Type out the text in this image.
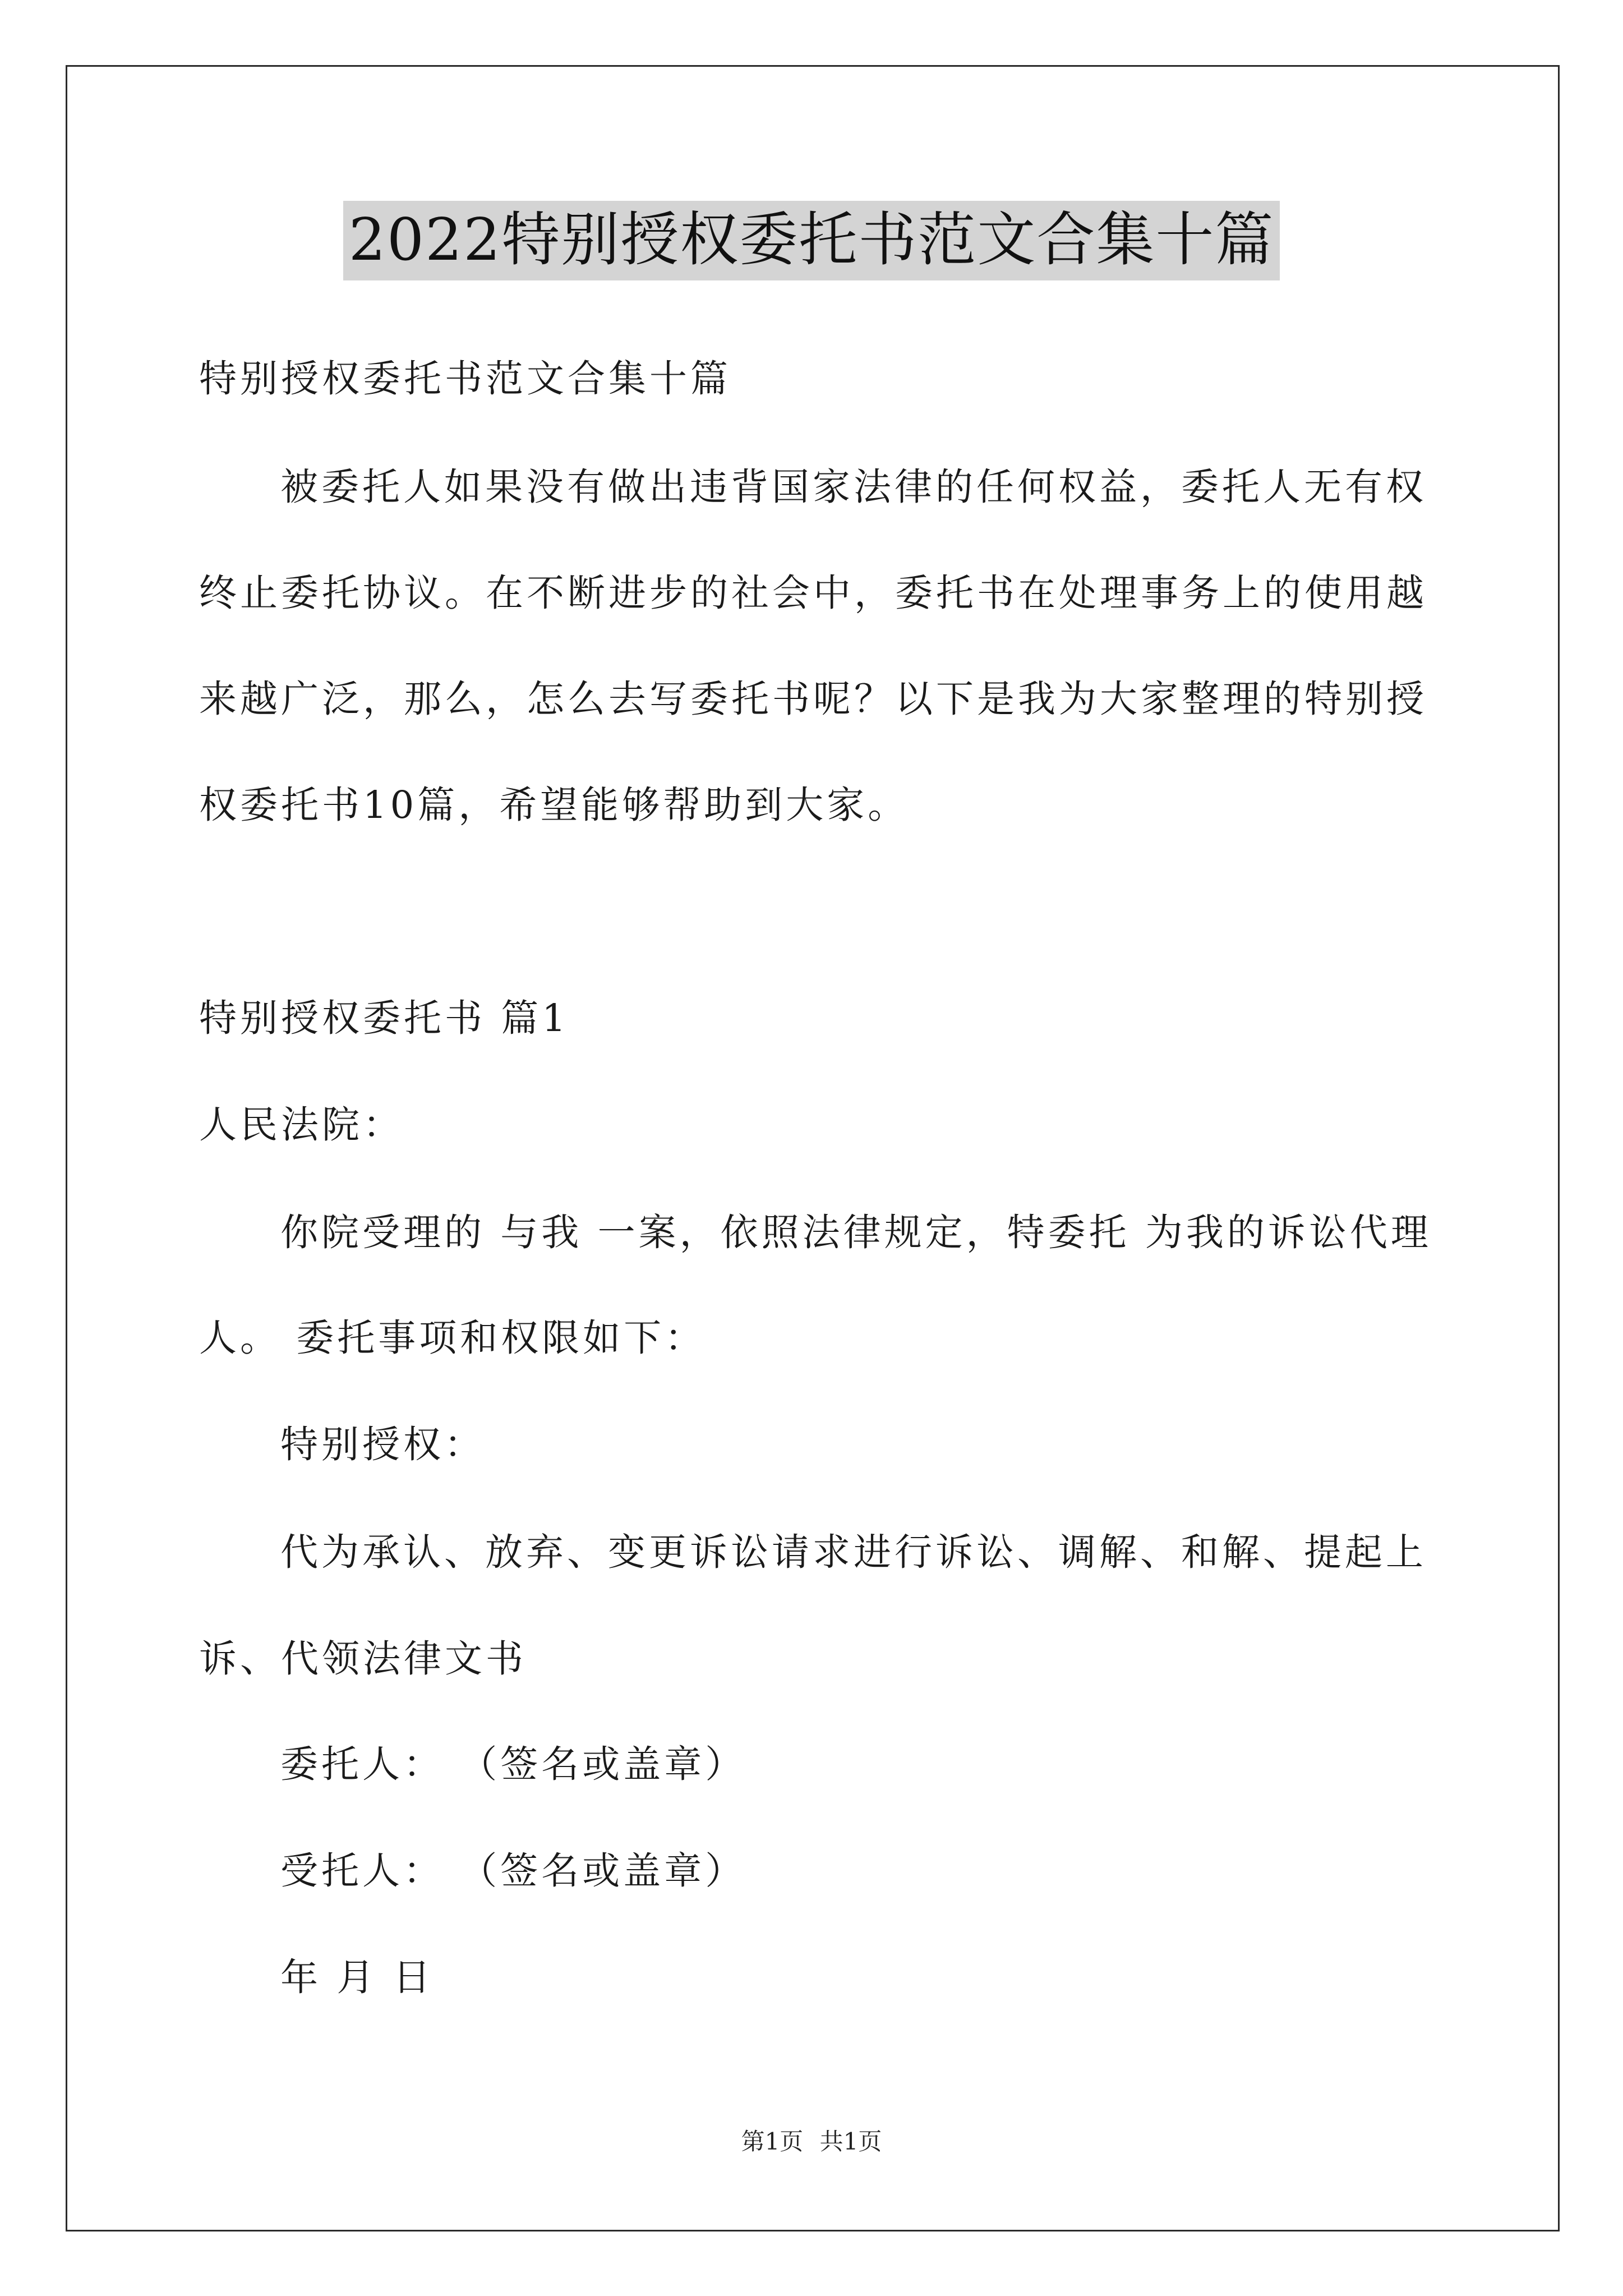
2022特别授权委托书范文合集十篇
特别授权委托书范文合集十篇
被委托人如果没有做出违背国家法律的任何权益，委托人无有权
终止委托协议。在不断进步的社会中，委托书在处理事务上的使用越
来越广泛，那么，怎么去写委托书呢？以下是我为大家整理的特别授
权委托书10篇，希望能够帮助到大家。
特别授权委托书 篇1
人民法院：
你院受理的 与我 一案，依照法律规定，特委托 为我的诉讼代理
人。 委托事项和权限如下：
特别授权：
代为承认、放弃、变更诉讼请求进行诉讼、调解、和解、提起上
诉、代领法律文书
委托人： （签名或盖章）
受托人： （签名或盖章）
年 月 日
第1页 共1页
